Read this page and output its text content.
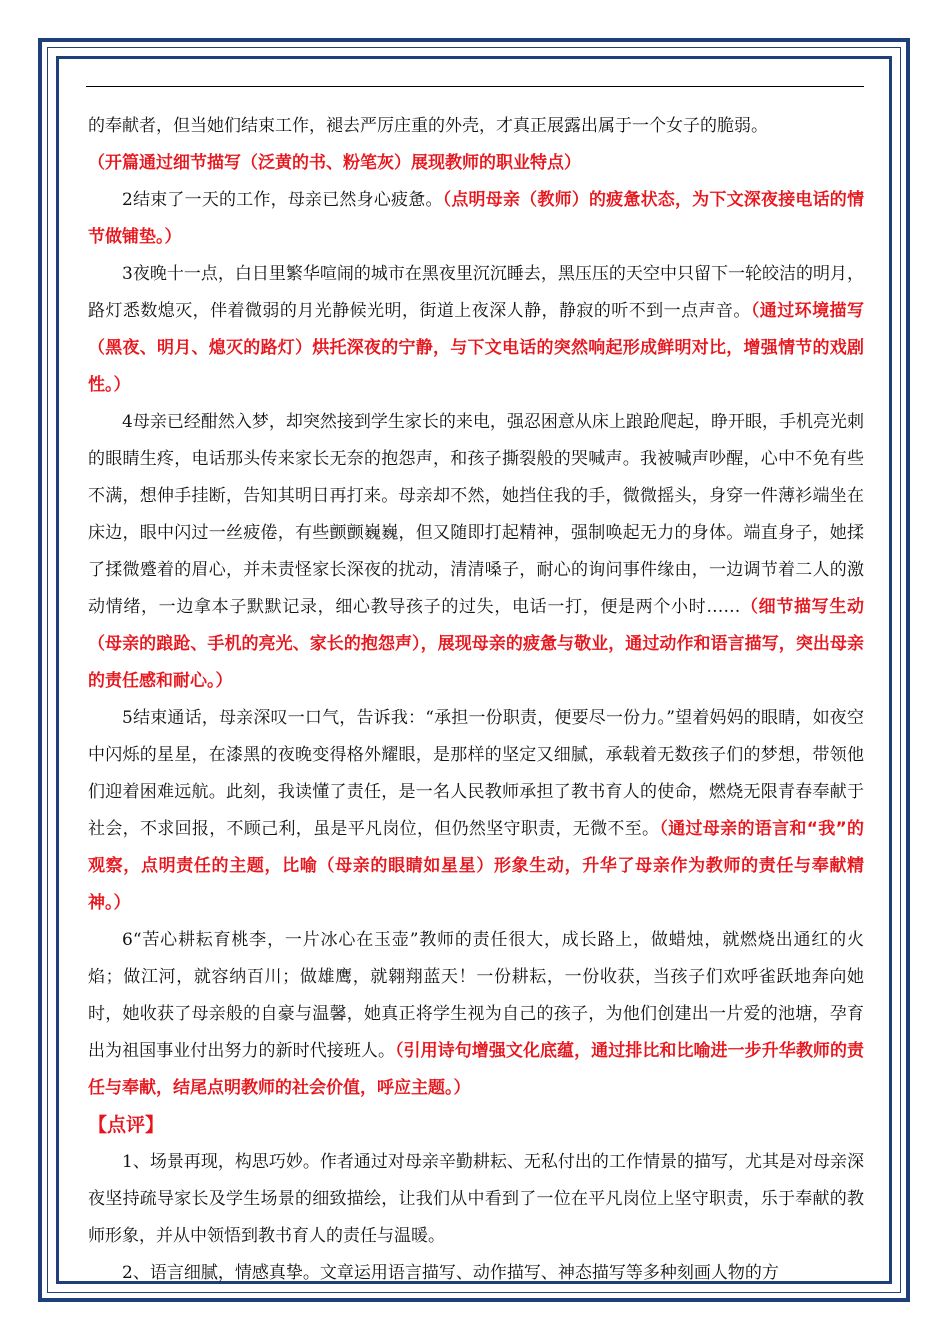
的奉献者，但当她们结束工作，褪去严厉庄重的外壳，才真正展露出属于一个女子的脆弱。
（开篇通过细节描写（泛黄的书、粉笔灰）展现教师的职业特点）

2结束了一天的工作，母亲已然身心疲惫。（点明母亲（教师）的疲惫状态，为下文深夜接电话的情节做铺垫。）

3夜晚十一点，白日里繁华喧闹的城市在黑夜里沉沉睡去，黑压压的天空中只留下一轮皎洁的明月，路灯悉数熄灭，伴着微弱的月光静候光明，街道上夜深人静，静寂的听不到一点声音。（通过环境描写（黑夜、明月、熄灭的路灯）烘托深夜的宁静，与下文电话的突然响起形成鲜明对比，增强情节的戏剧性。）

4母亲已经酣然入梦，却突然接到学生家长的来电，强忍困意从床上踉跄爬起，睁开眼，手机亮光刺的眼睛生疼，电话那头传来家长无奈的抱怨声，和孩子撕裂般的哭喊声。我被喊声吵醒，心中不免有些不满，想伸手挂断，告知其明日再打来。母亲却不然，她挡住我的手，微微摇头，身穿一件薄衫端坐在床边，眼中闪过一丝疲倦，有些颤颤巍巍，但又随即打起精神，强制唤起无力的身体。端直身子，她揉了揉微蹙着的眉心，并未责怪家长深夜的扰动，清清嗓子，耐心的询问事件缘由，一边调节着二人的激动情绪，一边拿本子默默记录，细心教导孩子的过失，电话一打，便是两个小时……（细节描写生动（母亲的踉跄、手机的亮光、家长的抱怨声），展现母亲的疲惫与敬业，通过动作和语言描写，突出母亲的责任感和耐心。）

5结束通话，母亲深叹一口气，告诉我：“承担一份职责，便要尽一份力。”望着妈妈的眼睛，如夜空中闪烁的星星，在漆黑的夜晚变得格外耀眼，是那样的坚定又细腻，承载着无数孩子们的梦想，带领他们迎着困难远航。此刻，我读懂了责任，是一名人民教师承担了教书育人的使命，燃烧无限青春奉献于社会，不求回报，不顾己利，虽是平凡岗位，但仍然坚守职责，无微不至。（通过母亲的语言和“我”的观察，点明责任的主题，比喻（母亲的眼睛如星星）形象生动，升华了母亲作为教师的责任与奉献精神。）

6“苦心耕耘育桃李，一片冰心在玉壶”教师的责任很大，成长路上，做蜡烛，就燃烧出通红的火焰；做江河，就容纳百川；做雄鹰，就翱翔蓝天！一份耕耘，一份收获，当孩子们欢呼雀跃地奔向她时，她收获了母亲般的自豪与温馨，她真正将学生视为自己的孩子，为他们创建出一片爱的池塘，孕育出为祖国事业付出努力的新时代接班人。（引用诗句增强文化底蕴，通过排比和比喻进一步升华教师的责任与奉献，结尾点明教师的社会价值，呼应主题。）

【点评】

1、场景再现，构思巧妙。作者通过对母亲辛勤耕耘、无私付出的工作情景的描写，尤其是对母亲深夜坚持疏导家长及学生场景的细致描绘，让我们从中看到了一位在平凡岗位上坚守职责，乐于奉献的教师形象，并从中领悟到教书育人的责任与温暖。

2、语言细腻，情感真挚。文章运用语言描写、动作描写、神态描写等多种刻画人物的方
